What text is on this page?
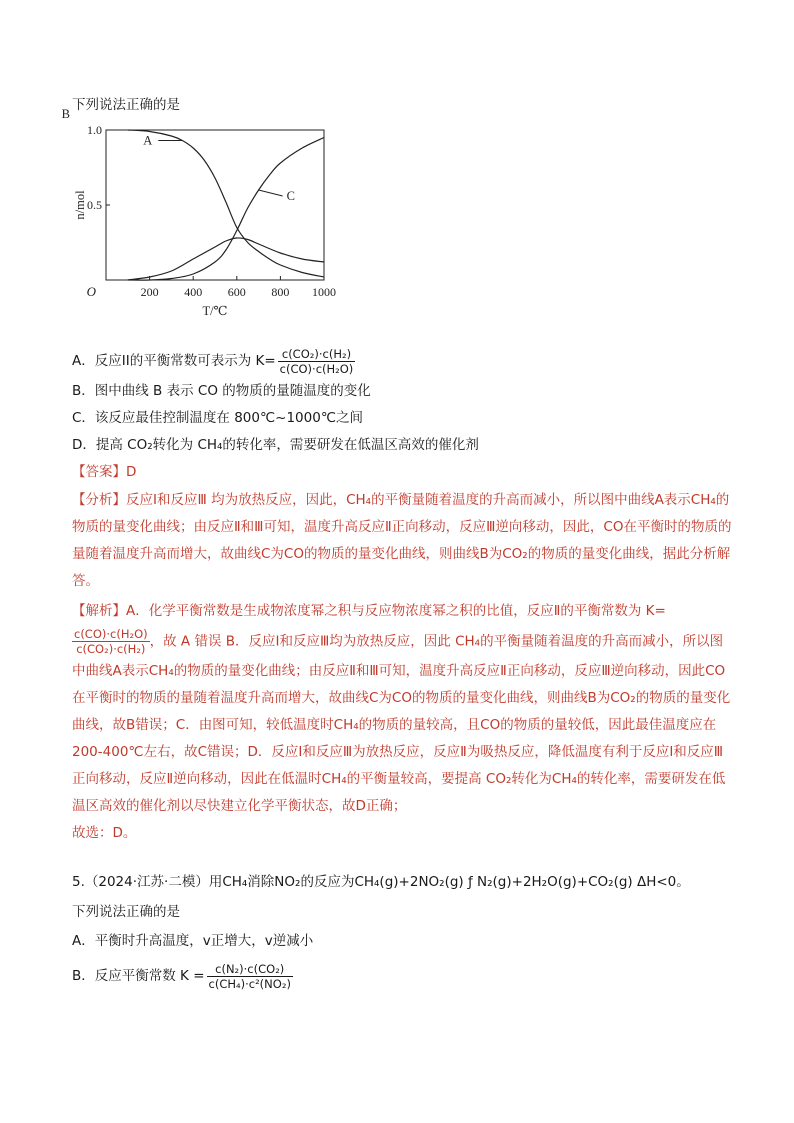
下列说法正确的是
200 400 600 800 1000
0.5
1.0
O
T/℃
n/mol
A
B
C
A．反应II的平衡常数可表示为 $K= \frac{\text{c(CO₂)·c(H₂)}}{\text{c(CO)·c(H₂O)}}$
B．图中曲线 B 表示 CO 的物质的量随温度的变化
C．该反应最佳控制温度在 800℃~1000℃之间
D．提高 CO₂转化为 CH₄的转化率，需要研发在低温区高效的催化剂
【答案】D
【分析】反应Ⅰ和反应Ⅲ 均为放热反应，因此，CH₄的平衡量随着温度的升高而减小，所以图中曲线A表示CH₄的物质的量变化曲线；由反应Ⅱ和Ⅲ可知，温度升高反应Ⅱ正向移动，反应Ⅲ逆向移动，因此，CO在平衡时的物质的量随着温度升高而增大，故曲线C为CO的物质的量变化曲线，则曲线B为CO₂的物质的量变化曲线，据此分析解答。
【解析】A．化学平衡常数是生成物浓度幂之积与反应物浓度幂之积的比值，反应Ⅱ的平衡常数为 K=

$\frac{\text{c(CO)·c(H₂O)}}{\text{c(CO₂)·c(H₂)}}$ ，故 A 错误 B．反应Ⅰ和反应Ⅲ均为放热反应，因此 CH₄的平衡量随着温度的升高而减小，所以图中曲线A表示CH₄的物质的量变化曲线；由反应Ⅱ和Ⅲ可知，温度升高反应Ⅱ正向移动，反应Ⅲ逆向移动，因此CO在平衡时的物质的量随着温度升高而增大，故曲线C为CO的物质的量变化曲线，则曲线B为CO₂的物质的量变化曲线，故B错误；C．由图可知，较低温度时CH₄的物质的量较高，且CO的物质的量较低，因此最佳温度应在200-400℃左右，故C错误；D．反应Ⅰ和反应Ⅲ为放热反应，反应Ⅱ为吸热反应，降低温度有利于反应Ⅰ和反应Ⅲ正向移动，反应Ⅱ逆向移动，因此在低温时CH₄的平衡量较高，要提高 CO₂转化为CH₄的转化率，需要研发在低温区高效的催化剂以尽快建立化学平衡状态，故D正确；
故选：D。
5.（2024·江苏·二模）用CH₄消除NO₂的反应为CH₄(g)+2NO₂(g) ƒ N₂(g)+2H₂O(g)+CO₂(g) ΔH<0。
下列说法正确的是
A．平衡时升高温度，v正增大，v逆减小
B．反应平衡常数 $K = \frac{\text{c(N₂)·c(CO₂)}}{\text{c(CH₄)·c²(NO₂)}}$
